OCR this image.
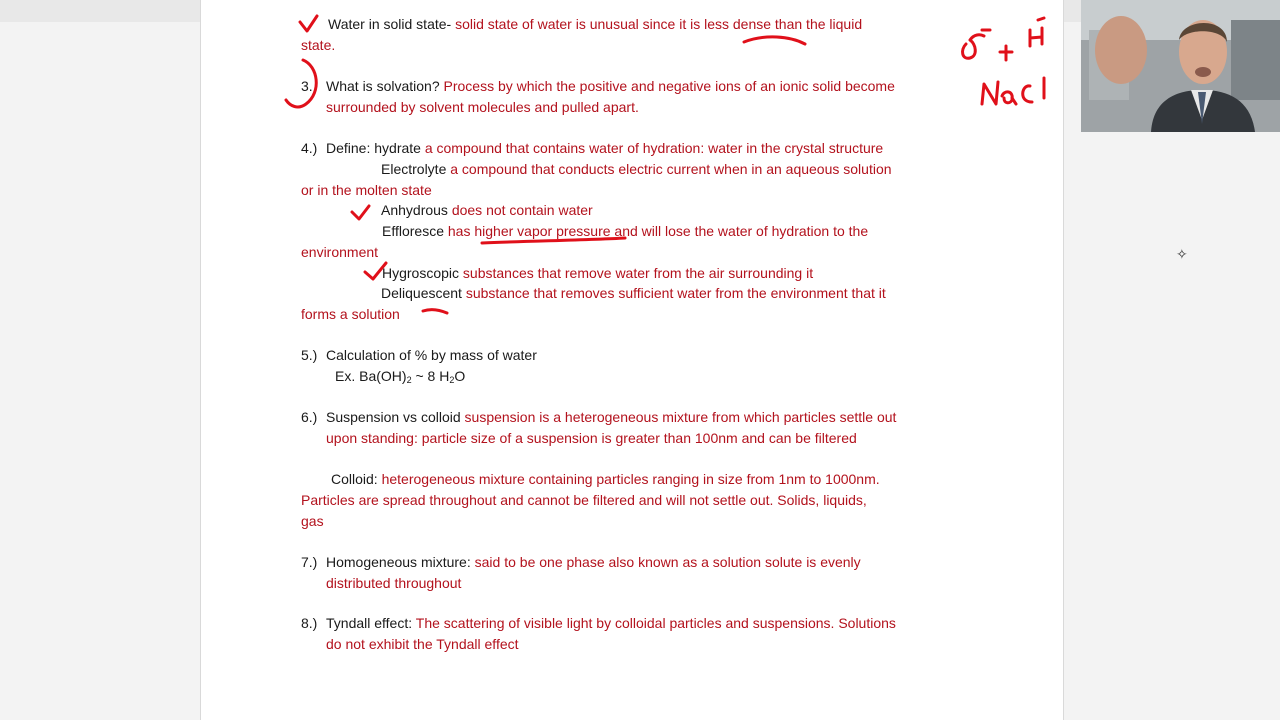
Water in solid state- solid state of water is unusual since it is less dense than the liquid
state.
3. What is solvation? Process by which the positive and negative ions of an ionic solid become
surrounded by solvent molecules and pulled apart.
4.) Define: hydrate a compound that contains water of hydration: water in the crystal structure
Electrolyte a compound that conducts electric current when in an aqueous solution
or in the molten state
Anhydrous does not contain water
Effloresce has higher vapor pressure and will lose the water of hydration to the
environment
Hygroscopic substances that remove water from the air surrounding it
Deliquescent substance that removes sufficient water from the environment that it
forms a solution
5.) Calculation of % by mass of water
Ex. $Ba(OH)_2$ ~ 8 $H_2O$
6.) Suspension vs colloid suspension is a heterogeneous mixture from which particles settle out
upon standing: particle size of a suspension is greater than 100nm and can be filtered
Colloid: heterogeneous mixture containing particles ranging in size from 1nm to 1000nm.
Particles are spread throughout and cannot be filtered and will not settle out. Solids, liquids,
gas
7.) Homogeneous mixture: said to be one phase also known as a solution solute is evenly
distributed throughout
8.) Tyndall effect: The scattering of visible light by colloidal particles and suspensions. Solutions
do not exhibit the Tyndall effect
✧
